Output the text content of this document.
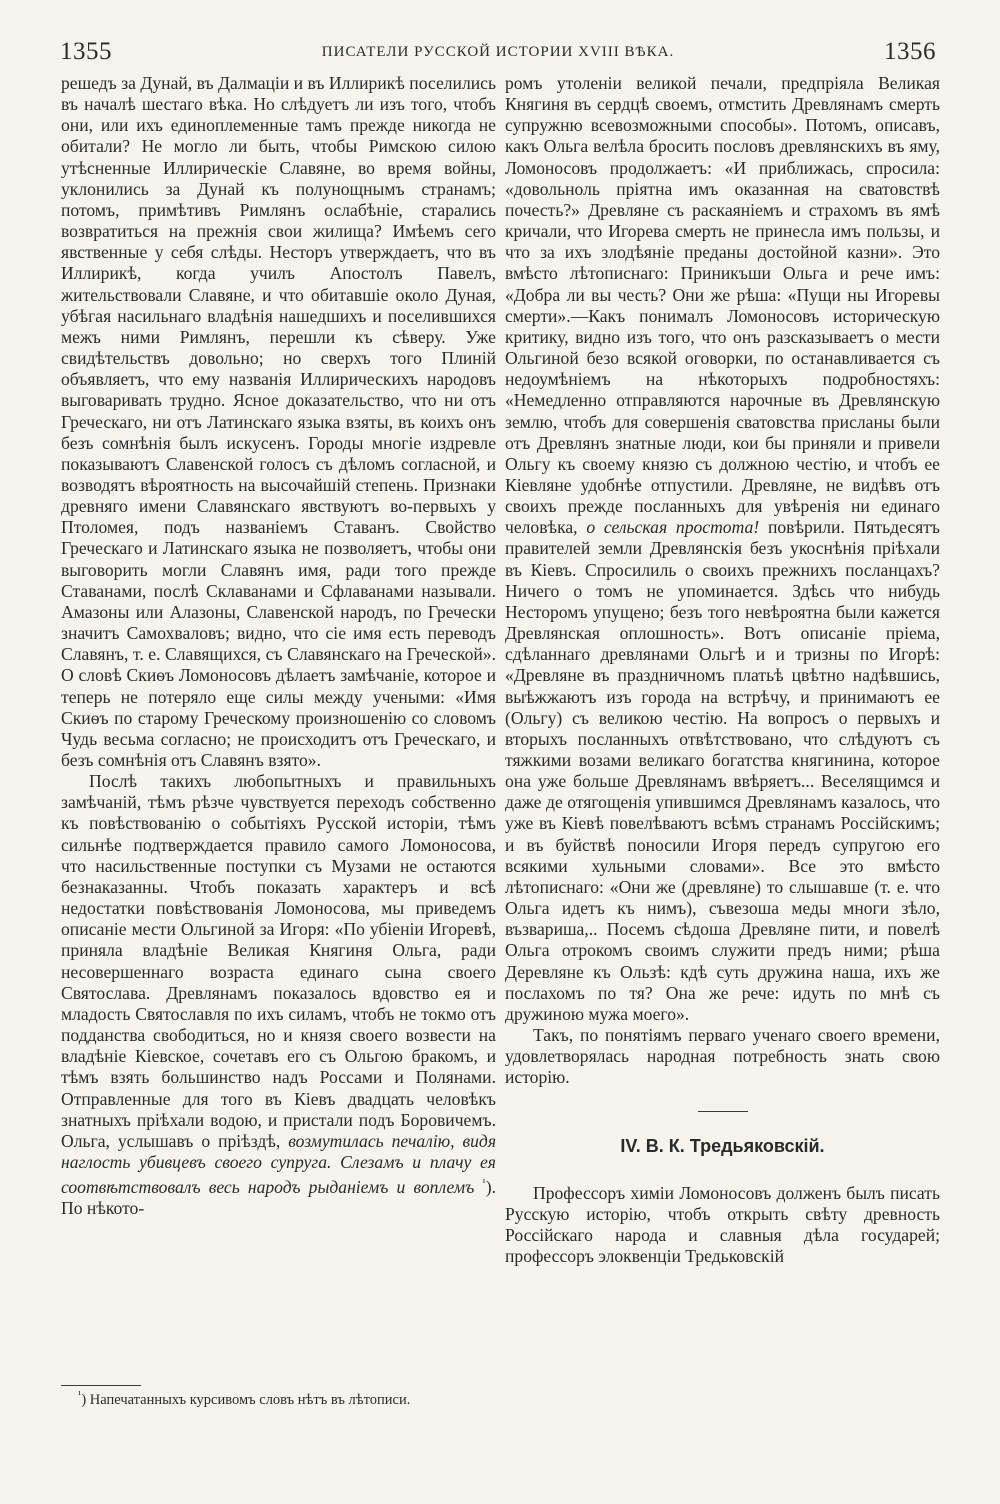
1355	ПИСАТЕЛИ РУССКОЙ ИСТОРИИ XVIII ВѢКА.	1356

решедъ за Дунай, въ Далмаціи и въ Иллирикѣ поселились въ началѣ шестаго вѣка. Но слѣдуетъ ли изъ того, чтобъ они, или ихъ единоплеменные тамъ прежде никогда не обитали? Не могло ли быть, чтобы Римскою силою утѣсненные Иллирическіе Славяне, во время войны, уклонились за Дунай къ полунощнымъ странамъ; потомъ, примѣтивъ Римлянъ ослабѣніе, старались возвратиться на прежнія свои жилища? Имѣемъ сего явственные у себя слѣды. Несторъ утверждаетъ, что въ Иллирикѣ, когда училъ Апостолъ Павелъ, жительствовали Славяне, и что обитавшіе около Дуная, убѣгая насильнаго владѣнія нашедшихъ и поселившихся межъ ними Римлянъ, перешли къ сѣверу. Уже свидѣтельствъ довольно; но сверхъ того Плиній объявляетъ, что ему названія Иллирическихъ народовъ выговаривать трудно. Ясное доказательство, что ни отъ Греческаго, ни отъ Латинскаго языка взяты, въ коихъ онъ безъ сомнѣнія былъ искусенъ. Городы многіе издревле показываютъ Славенской голосъ съ дѣломъ согласной, и возводятъ вѣроятность на высочайшій степень. Признаки древняго имени Славянскаго явствуютъ во-первыхъ у Птоломея, подъ названіемъ Ставанъ. Свойство Греческаго и Латинскаго языка не позволяетъ, чтобы они выговорить могли Славянъ имя, ради того прежде Ставанами, послѣ Склаванами и Сфлаванами называли. Амазоны или Алазоны, Славенской народъ, по Гречески значитъ Самохваловъ; видно, что сіе имя есть переводъ Славянъ, т. е. Славящихся, съ Славянскаго на Греческой». О словѣ Скиѳъ Ломоносовъ дѣлаетъ замѣчаніе, которое и теперь не потеряло еще силы между учеными: «Имя Скиѳъ по старому Греческому произношенію со словомъ Чудь весьма согласно; не происходитъ отъ Греческаго, и безъ сомнѣнія отъ Славянъ взято».

Послѣ такихъ любопытныхъ и правильныхъ замѣчаній, тѣмъ рѣзче чувствуется переходъ собственно къ повѣствованію о событіяхъ Русской исторіи, тѣмъ сильнѣе подтверждается правило самого Ломоносова, что насильственные поступки съ Музами не остаются безнаказанны. Чтобъ показать характеръ и всѣ недостатки повѣствованія Ломоносова, мы приведемъ описаніе мести Ольгиной за Игоря: «По убіеніи Игоревѣ, приняла владѣніе Великая Княгиня Ольга, ради несовершеннаго возраста единаго сына своего Святослава. Древлянамъ показалось вдовство ея и младость Святославля по ихъ силамъ, чтобъ не токмо отъ подданства свободиться, но и князя своего возвести на владѣніе Кіевское, сочетавъ его съ Ольгою бракомъ, и тѣмъ взять большинство надъ Россами и Полянами. Отправленные для того въ Кіевъ двадцать человѣкъ знатныхъ пріѣхали водою, и пристали подъ Боровичемъ. Ольга, услышавъ о пріѣздѣ, возмутилась печалію, видя наглость убивцевъ своего супруга. Слезамъ и плачу ея соотвѣтствовалъ весь народъ рыданіемъ и воплемъ $^{^1}$). По нѣкото-

ромъ утоленіи великой печали, предпріяла Великая Княгиня въ сердцѣ своемъ, отмстить Древлянамъ смерть супружню всевозможными способы». Потомъ, описавъ, какъ Ольга велѣла бросить пословъ древлянскихъ въ яму, Ломоносовъ продолжаетъ: «И приближась, спросила: «довольноль пріятна имъ оказанная на сватовствѣ почесть?» Древляне съ раскаяніемъ и страхомъ въ ямѣ кричали, что Игорева смерть не принесла имъ пользы, и что за ихъ злодѣяніе преданы достойной казни». Это вмѣсто лѣтописнаго: Приникъши Ольга и рече имъ: «Добра ли вы честь? Они же рѣша: «Пущи ны Игоревы смерти».—Какъ понималъ Ломоносовъ историческую критику, видно изъ того, что онъ разсказываетъ о мести Ольгиной безо всякой оговорки, по останавливается съ недоумѣніемъ на нѣкоторыхъ подробностяхъ: «Немедленно отправляются нарочные въ Древлянскую землю, чтобъ для совершенія сватовства присланы были отъ Древлянъ знатные люди, кои бы приняли и привели Ольгу къ своему князю съ должною честію, и чтобъ ее Кіевляне удобнѣе отпустили. Древляне, не видѣвъ отъ своихъ прежде посланныхъ для увѣренія ни единаго человѣка, о сельская простота! повѣрили. Пятьдесятъ правителей земли Древлянскія безъ укоснѣнія пріѣхали въ Кіевъ. Спросилиль о своихъ прежнихъ посланцахъ? Ничего о томъ не упоминается. Здѣсь что нибудь Несторомъ упущено; безъ того невѣроятна были кажется Древлянская оплошность». Вотъ описаніе пріема, сдѣланнаго древлянами Ольгѣ и и тризны по Игорѣ: «Древляне въ праздничномъ платьѣ цвѣтно надѣвшись, выѣжжаютъ изъ города на встрѣчу, и принимаютъ ее (Ольгу) съ великою честію. На вопросъ о первыхъ и вторыхъ посланныхъ отвѣтствовано, что слѣдуютъ съ тяжкими возами великаго богатства княгинина, которое она уже больше Древлянамъ ввѣряетъ... Веселящимся и даже де отягощенія упившимся Древлянамъ казалось, что уже въ Кіевѣ повелѣваютъ всѣмъ странамъ Россійскимъ; и въ буйствѣ поносили Игоря передъ супругою его всякими хульными словами». Все это вмѣсто лѣтописнаго: «Они же (древляне) то слышавше (т. е. что Ольга идетъ къ нимъ), съвезоша меды многи зѣло, възвариша,.. Посемъ сѣдоша Древляне пити, и повелѣ Ольга отрокомъ своимъ служити предъ ними; рѣша Деревляне къ Ользѣ: кдѣ суть дружина наша, ихъ же послахомъ по тя? Она же рече: идуть по мнѣ съ дружиною мужа моего».

Такъ, по понятіямъ перваго ученаго своего времени, удовлетворялась народная потребность знать свою исторію.

IV. В. К. Тредьяковскій.

Профессоръ химіи Ломоносовъ долженъ былъ писать Русскую исторію, чтобъ открыть свѣту древность Россійскаго народа и славныя дѣла государей; профессоръ элоквенціи Тредьковскій

$^{^1}$) Напечатанныхъ курсивомъ словъ нѣтъ въ лѣтописи.
